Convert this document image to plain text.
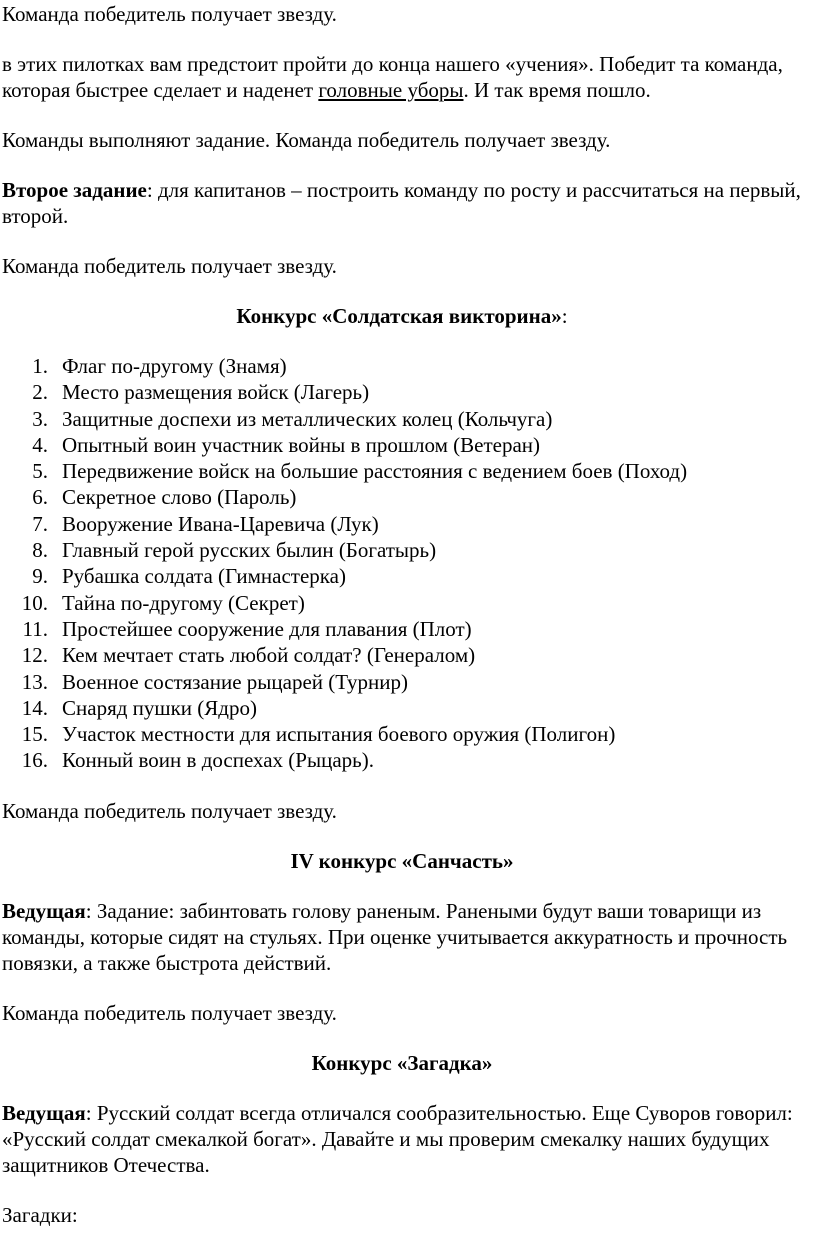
Команда победитель получает звезду.

в этих пилотках вам предстоит пройти до конца нашего «учения». Победит та команда, которая быстрее сделает и наденет головные уборы. И так время пошло.

Команды выполняют задание. Команда победитель получает звезду.

Второе задание: для капитанов – построить команду по росту и рассчитаться на первый, второй.

Команда победитель получает звезду.

Конкурс «Солдатская викторина»:

1. Флаг по-другому (Знамя)
2. Место размещения войск (Лагерь)
3. Защитные доспехи из металлических колец (Кольчуга)
4. Опытный воин участник войны в прошлом (Ветеран)
5. Передвижение войск на большие расстояния с ведением боев (Поход)
6. Секретное слово (Пароль)
7. Вооружение Ивана-Царевича (Лук)
8. Главный герой русских былин (Богатырь)
9. Рубашка солдата (Гимнастерка)
10. Тайна по-другому (Секрет)
11. Простейшее сооружение для плавания (Плот)
12. Кем мечтает стать любой солдат? (Генералом)
13. Военное состязание рыцарей (Турнир)
14. Снаряд пушки (Ядро)
15. Участок местности для испытания боевого оружия (Полигон)
16. Конный воин в доспехах (Рыцарь).

Команда победитель получает звезду.

IV конкурс «Санчасть»

Ведущая: Задание: забинтовать голову раненым. Ранеными будут ваши товарищи из команды, которые сидят на стульях. При оценке учитывается аккуратность и прочность повязки, а также быстрота действий.

Команда победитель получает звезду.

Конкурс «Загадка»

Ведущая: Русский солдат всегда отличался сообразительностью. Еще Суворов говорил: «Русский солдат смекалкой богат». Давайте и мы проверим смекалку наших будущих защитников Отечества.

Загадки:
